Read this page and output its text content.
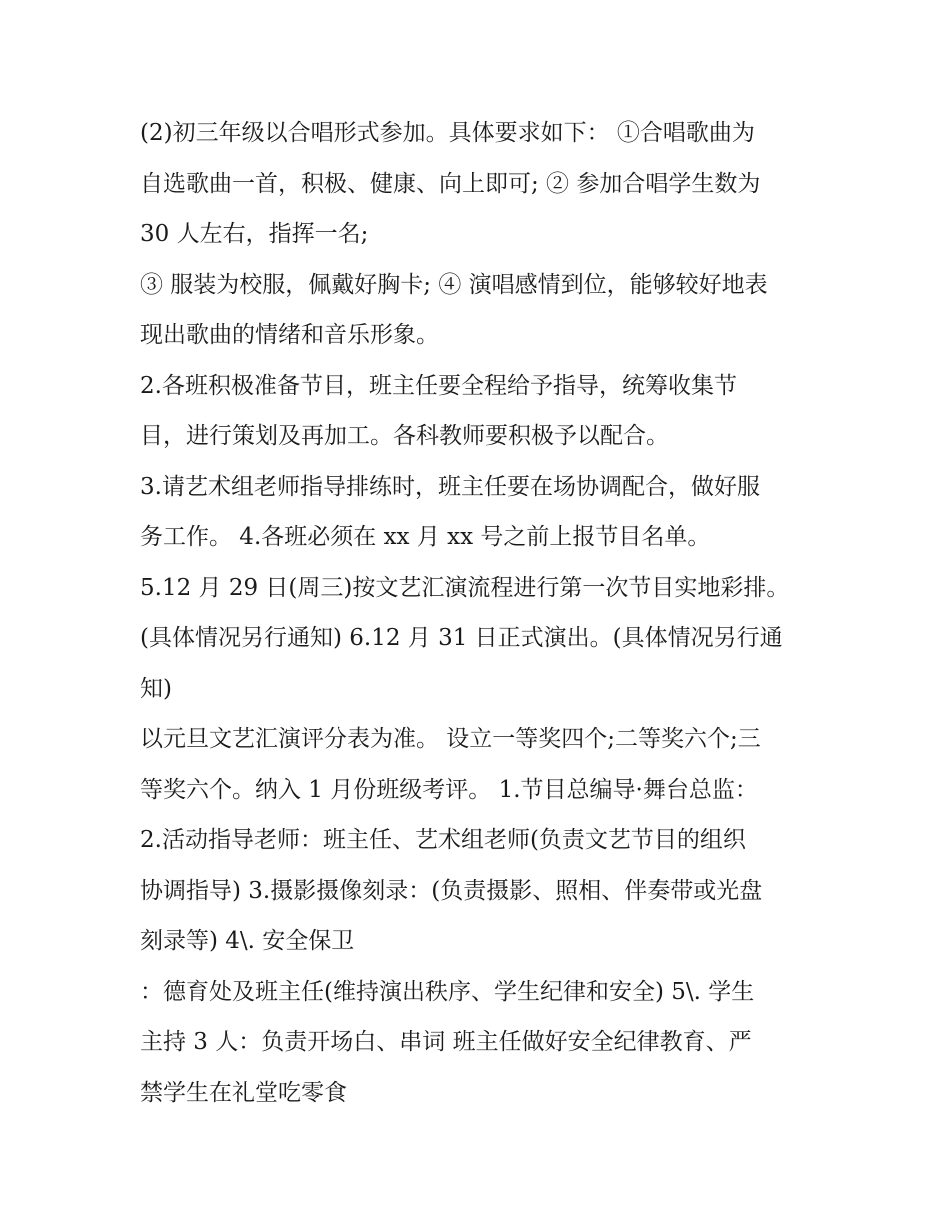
(2)初三年级以合唱形式参加。具体要求如下： ①合唱歌曲为
自选歌曲一首，积极、健康、向上即可; ② 参加合唱学生数为
30 人左右，指挥一名;
③ 服装为校服，佩戴好胸卡; ④ 演唱感情到位，能够较好地表
现出歌曲的情绪和音乐形象。
2.各班积极准备节目，班主任要全程给予指导，统筹收集节
目，进行策划及再加工。各科教师要积极予以配合。
3.请艺术组老师指导排练时，班主任要在场协调配合，做好服
务工作。 4.各班必须在 xx 月 xx 号之前上报节目名单。
5.12 月 29 日(周三)按文艺汇演流程进行第一次节目实地彩排。
(具体情况另行通知) 6.12 月 31 日正式演出。(具体情况另行通
知)
以元旦文艺汇演评分表为准。 设立一等奖四个;二等奖六个;三
等奖六个。纳入 1 月份班级考评。 1.节目总编导·舞台总监：
2.活动指导老师：班主任、艺术组老师(负责文艺节目的组织
协调指导) 3.摄影摄像刻录：(负责摄影、照相、伴奏带或光盘
刻录等) 4\. 安全保卫
：德育处及班主任(维持演出秩序、学生纪律和安全) 5\. 学生
主持 3 人：负责开场白、串词 班主任做好安全纪律教育、严
禁学生在礼堂吃零食
